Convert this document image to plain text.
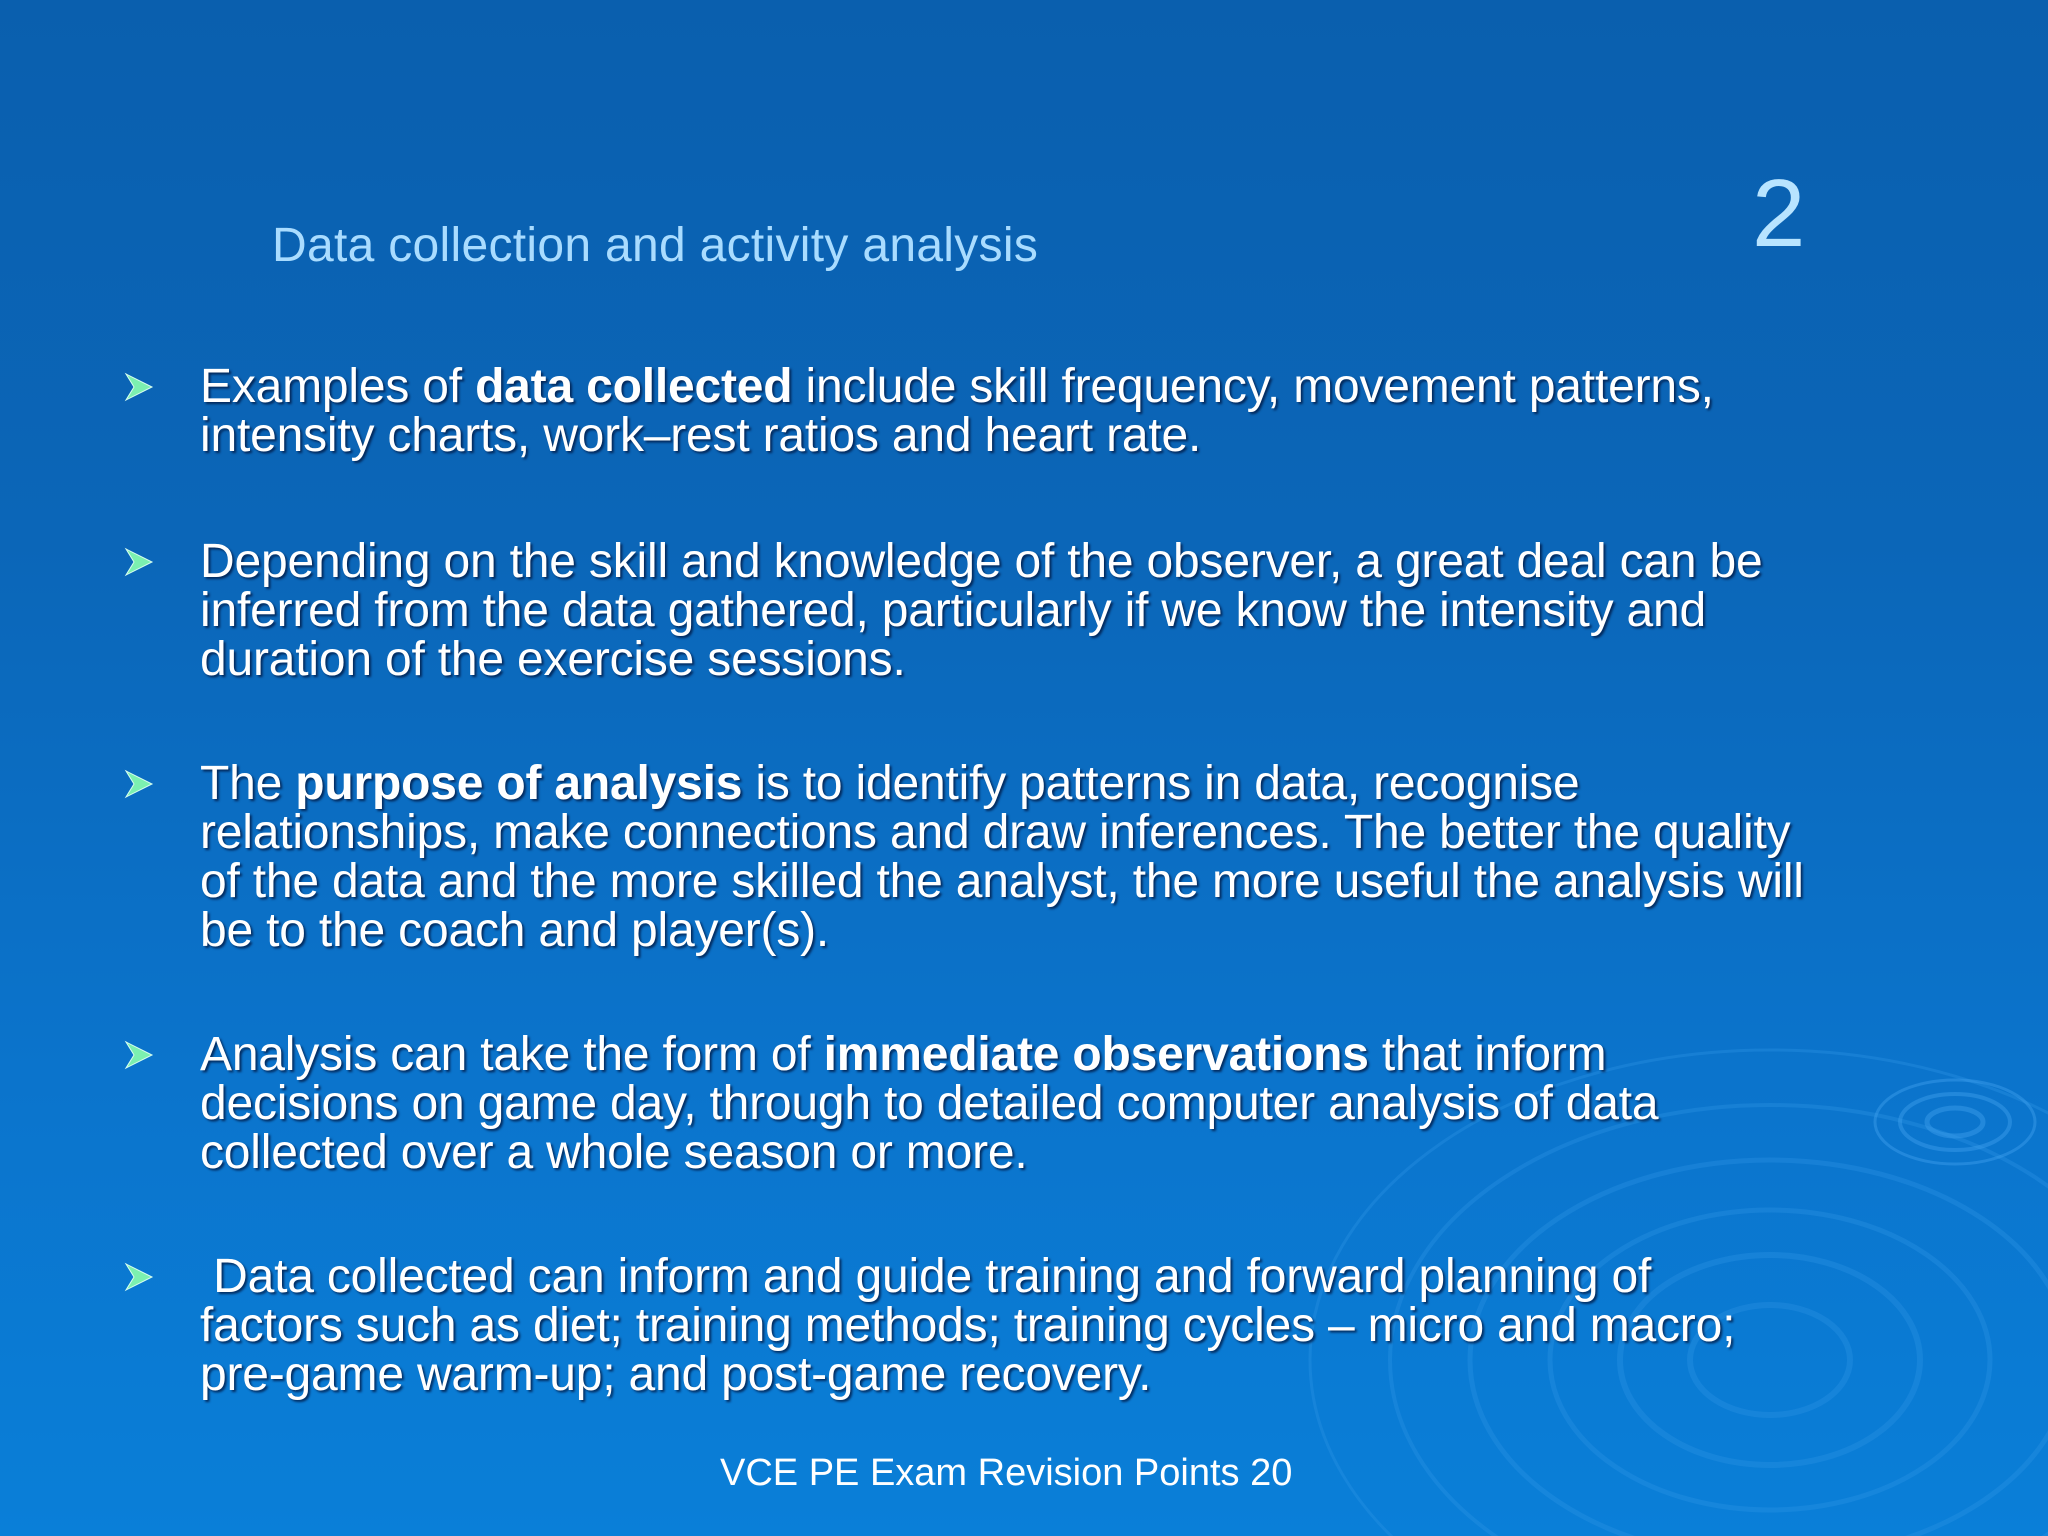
Data collection and activity analysis	2
Examples of data collected include skill frequency, movement patterns,
intensity charts, work–rest ratios and heart rate.
Depending on the skill and knowledge of the observer, a great deal can be
inferred from the data gathered, particularly if we know the intensity and
duration of the exercise sessions.
The purpose of analysis is to identify patterns in data, recognise
relationships, make connections and draw inferences. The better the quality
of the data and the more skilled the analyst, the more useful the analysis will
be to the coach and player(s).
Analysis can take the form of immediate observations that inform
decisions on game day, through to detailed computer analysis of data
collected over a whole season or more.
Data collected can inform and guide training and forward planning of
factors such as diet; training methods; training cycles – micro and macro;
pre-game warm-up; and post-game recovery.
VCE PE Exam Revision Points 20
